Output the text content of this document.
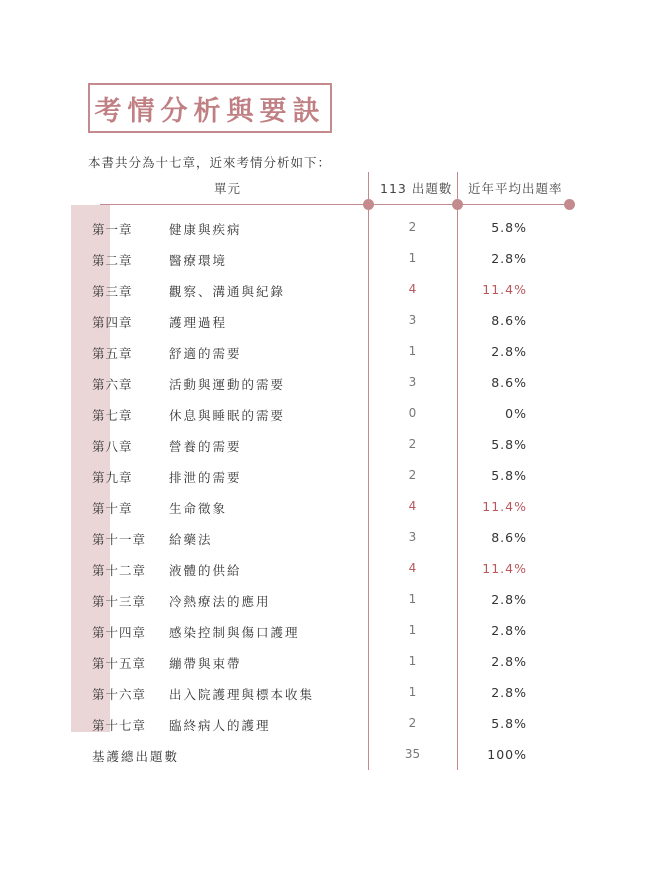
考情分析與要訣
本書共分為十七章，近來考情分析如下：
單元	113 出題數 近年平均出題率
第一章	健康與疾病	2	5.8%
第二章	醫療環境	1	2.8%
第三章	觀察、溝通與紀錄	4	11.4%
第四章	護理過程	3	8.6%
第五章	舒適的需要	1	2.8%
第六章	活動與運動的需要	3	8.6%
第七章	休息與睡眠的需要	0	0%
第八章	營養的需要	2	5.8%
第九章	排泄的需要	2	5.8%
第十章	生命徵象	4	11.4%
第十一章 給藥法	3	8.6%
第十二章 液體的供給	4	11.4%
第十三章 冷熱療法的應用	1	2.8%
第十四章 感染控制與傷口護理	1	2.8%
第十五章 繃帶與束帶	1	2.8%
第十六章 出入院護理與標本收集	1	2.8%
第十七章 臨終病人的護理	2	5.8%
基護總出題數	35	100%
